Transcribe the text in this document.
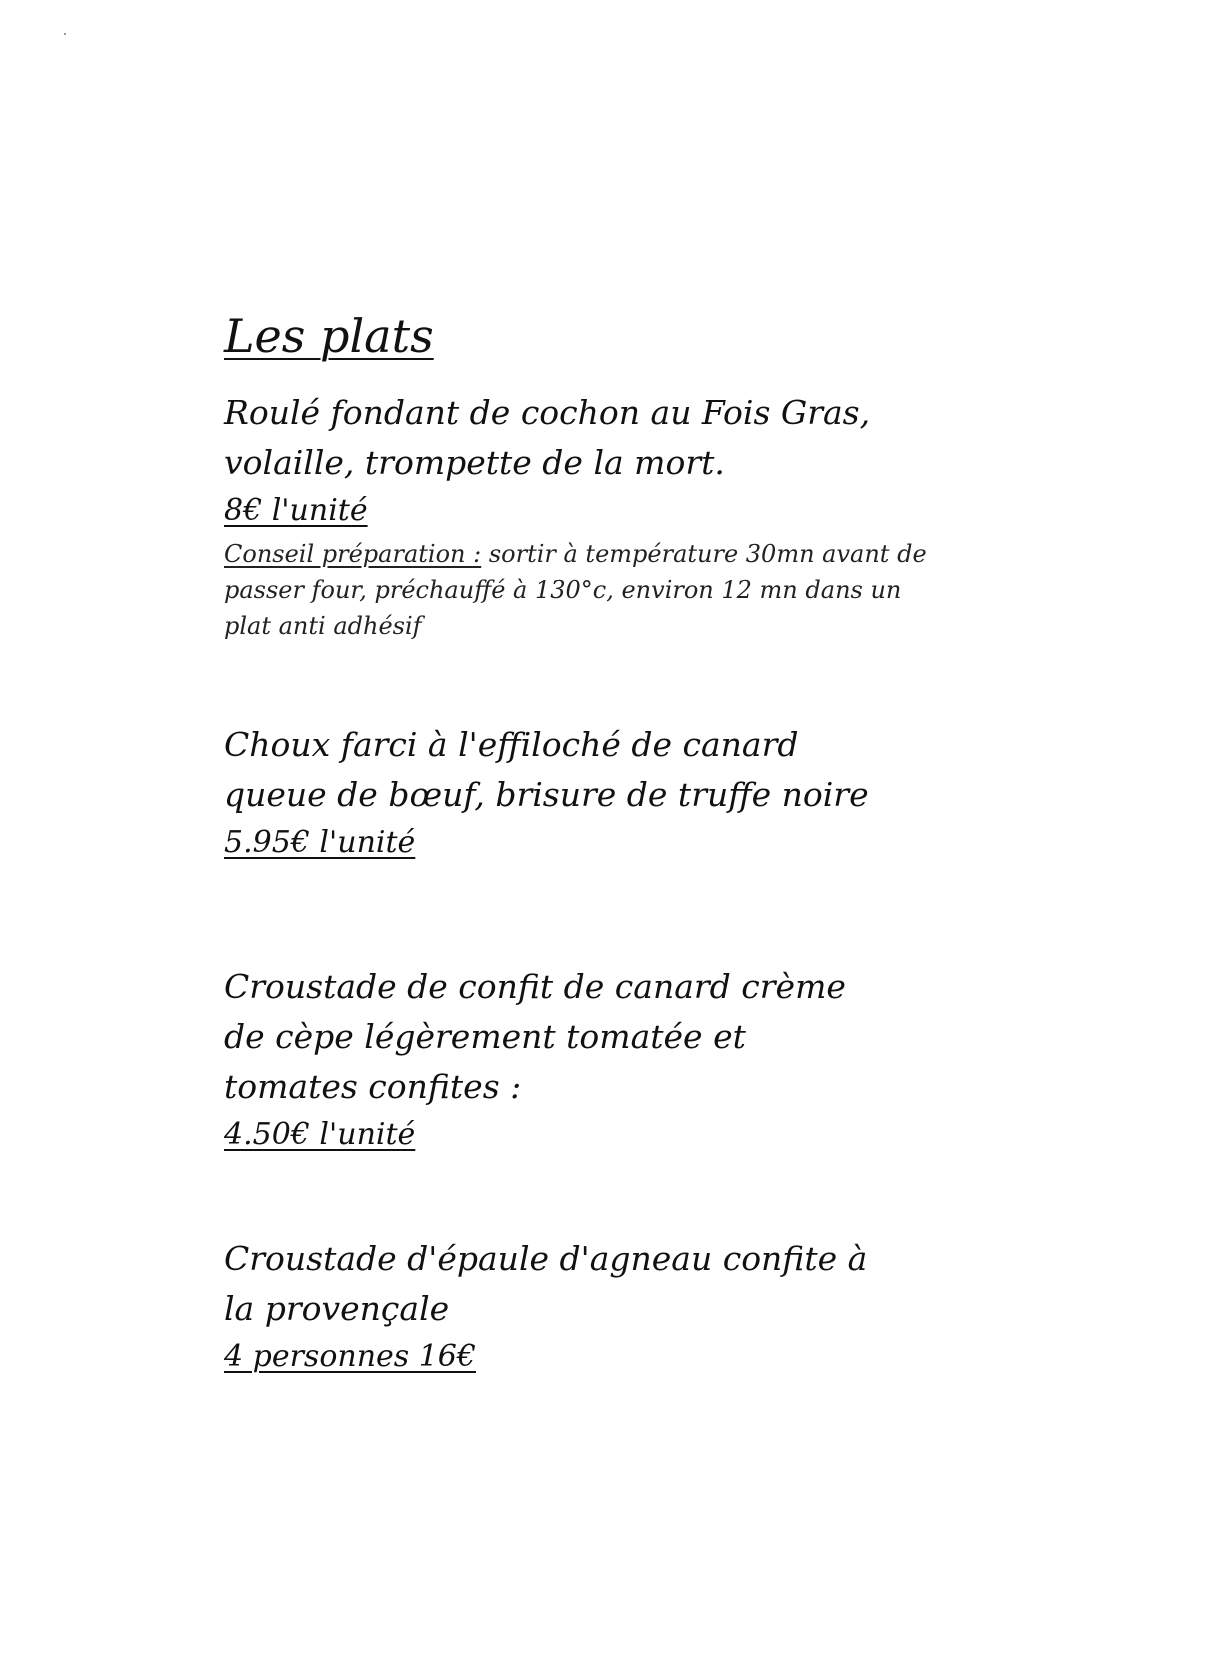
Les plats

Roulé fondant de cochon au Fois Gras,
volaille, trompette de la mort.

8€ l'unité
Conseil préparation : sortir à température 30mn avant de passer four, préchauffé à 130°c, environ 12 mn dans un plat anti adhésif

Choux farci à l'effiloché de canard
queue de bœuf, brisure de truffe noire

5.95€ l'unité

Croustade de confit de canard crème
de cèpe légèrement tomatée et
tomates confites :

4.50€ l'unité

Croustade d'épaule d'agneau confite à
la provençale

4 personnes 16€
